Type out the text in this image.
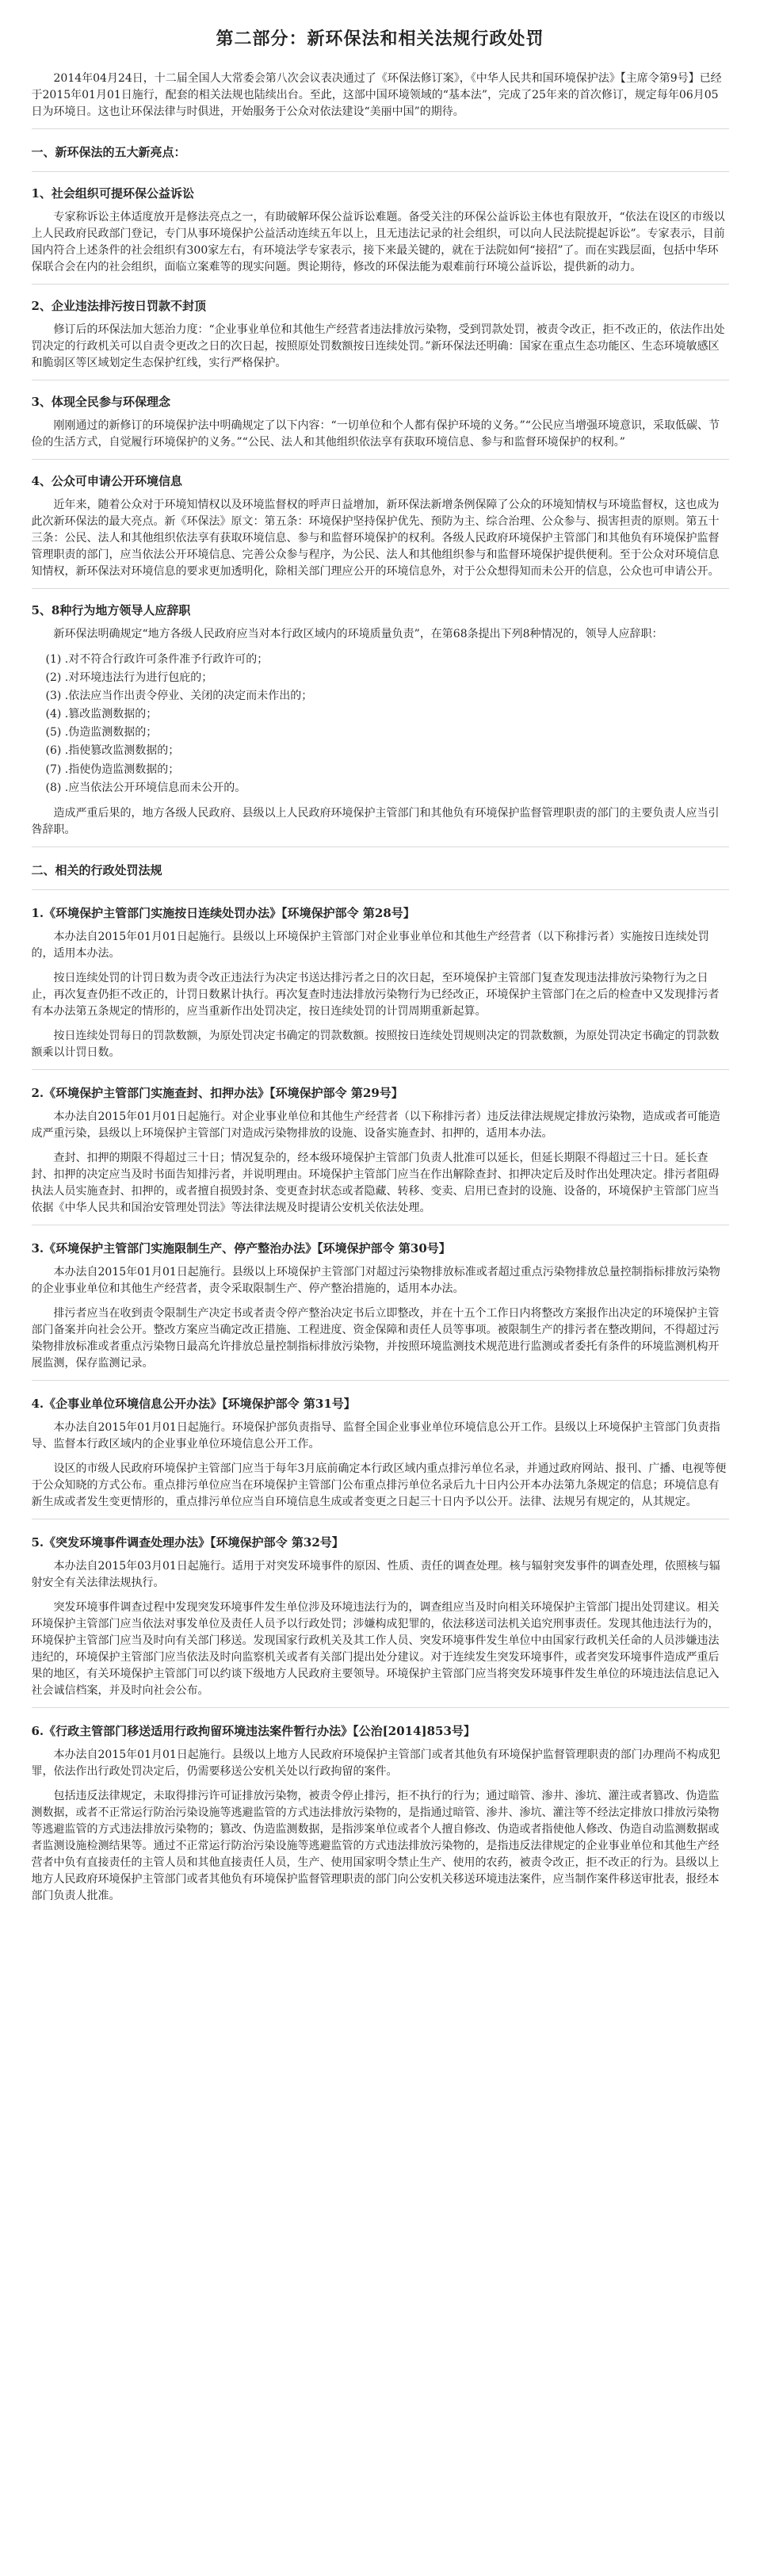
第二部分：新环保法和相关法规行政处罚

2014年04月24日，十二届全国人大常委会第八次会议表决通过了《环保法修订案》，《中华人民共和国环境保护法》【主席令第9号】已经于2015年01月01日施行，配套的相关法规也陆续出台。至此，这部中国环境领域的“基本法”，完成了25年来的首次修订，规定每年06月05日为环境日。这也让环保法律与时俱进，开始服务于公众对依法建设“美丽中国”的期待。

一、新环保法的五大新亮点：
1、社会组织可提环保公益诉讼

专家称诉讼主体适度放开是修法亮点之一，有助破解环保公益诉讼难题。备受关注的环保公益诉讼主体也有限放开，“依法在设区的市级以上人民政府民政部门登记，专门从事环境保护公益活动连续五年以上，且无违法记录的社会组织，可以向人民法院提起诉讼”。专家表示，目前国内符合上述条件的社会组织有300家左右，有环境法学专家表示，接下来最关键的，就在于法院如何“接招”了。而在实践层面，包括中华环保联合会在内的社会组织，面临立案难等的现实问题。舆论期待，修改的环保法能为艰难前行环境公益诉讼，提供新的动力。

2、企业违法排污按日罚款不封顶

修订后的环保法加大惩治力度：“企业事业单位和其他生产经营者违法排放污染物，受到罚款处罚，被责令改正，拒不改正的，依法作出处罚决定的行政机关可以自责令更改之日的次日起，按照原处罚数额按日连续处罚。”新环保法还明确：国家在重点生态功能区、生态环境敏感区和脆弱区等区域划定生态保护红线，实行严格保护。

3、体现全民参与环保理念

刚刚通过的新修订的环境保护法中明确规定了以下内容：“一切单位和个人都有保护环境的义务。”“公民应当增强环境意识，采取低碳、节俭的生活方式，自觉履行环境保护的义务。”“公民、法人和其他组织依法享有获取环境信息、参与和监督环境保护的权利。”

4、公众可申请公开环境信息

近年来，随着公众对于环境知情权以及环境监督权的呼声日益增加，新环保法新增条例保障了公众的环境知情权与环境监督权，这也成为此次新环保法的最大亮点。新《环保法》原文：第五条：环境保护坚持保护优先、预防为主、综合治理、公众参与、损害担责的原则。第五十三条：公民、法人和其他组织依法享有获取环境信息、参与和监督环境保护的权利。各级人民政府环境保护主管部门和其他负有环境保护监督管理职责的部门，应当依法公开环境信息、完善公众参与程序，为公民、法人和其他组织参与和监督环境保护提供便利。至于公众对环境信息知情权，新环保法对环境信息的要求更加透明化，除相关部门理应公开的环境信息外，对于公众想得知而未公开的信息，公众也可申请公开。

5、8种行为地方领导人应辞职

新环保法明确规定“地方各级人民政府应当对本行政区域内的环境质量负责”，在第68条提出下列8种情况的，领导人应辞职：

(1) .对不符合行政许可条件准予行政许可的；
(2) .对环境违法行为进行包庇的；
(3) .依法应当作出责令停业、关闭的决定而未作出的；
(4) .篡改监测数据的；
(5) .伪造监测数据的；
(6) .指使篡改监测数据的；
(7) .指使伪造监测数据的；
(8) .应当依法公开环境信息而未公开的。

造成严重后果的，地方各级人民政府、县级以上人民政府环境保护主管部门和其他负有环境保护监督管理职责的部门的主要负责人应当引咎辞职。

二、相关的行政处罚法规
1.《环境保护主管部门实施按日连续处罚办法》【环境保护部令 第28号】

本办法自2015年01月01日起施行。县级以上环境保护主管部门对企业事业单位和其他生产经营者（以下称排污者）实施按日连续处罚的，适用本办法。

按日连续处罚的计罚日数为责令改正违法行为决定书送达排污者之日的次日起，至环境保护主管部门复查发现违法排放污染物行为之日止，再次复查仍拒不改正的，计罚日数累计执行。再次复查时违法排放污染物行为已经改正，环境保护主管部门在之后的检查中又发现排污者有本办法第五条规定的情形的，应当重新作出处罚决定，按日连续处罚的计罚周期重新起算。

按日连续处罚每日的罚款数额，为原处罚决定书确定的罚款数额。按照按日连续处罚规则决定的罚款数额，为原处罚决定书确定的罚款数额乘以计罚日数。

2.《环境保护主管部门实施查封、扣押办法》【环境保护部令 第29号】

本办法自2015年01月01日起施行。对企业事业单位和其他生产经营者（以下称排污者）违反法律法规规定排放污染物，造成或者可能造成严重污染，县级以上环境保护主管部门对造成污染物排放的设施、设备实施查封、扣押的，适用本办法。

查封、扣押的期限不得超过三十日；情况复杂的，经本级环境保护主管部门负责人批准可以延长，但延长期限不得超过三十日。延长查封、扣押的决定应当及时书面告知排污者，并说明理由。环境保护主管部门应当在作出解除查封、扣押决定后及时作出处理决定。排污者阻碍执法人员实施查封、扣押的，或者擅自损毁封条、变更查封状态或者隐藏、转移、变卖、启用已查封的设施、设备的，环境保护主管部门应当依据《中华人民共和国治安管理处罚法》等法律法规及时提请公安机关依法处理。

3.《环境保护主管部门实施限制生产、停产整治办法》【环境保护部令 第30号】

本办法自2015年01月01日起施行。县级以上环境保护主管部门对超过污染物排放标准或者超过重点污染物排放总量控制指标排放污染物的企业事业单位和其他生产经营者，责令采取限制生产、停产整治措施的，适用本办法。

排污者应当在收到责令限制生产决定书或者责令停产整治决定书后立即整改，并在十五个工作日内将整改方案报作出决定的环境保护主管部门备案并向社会公开。整改方案应当确定改正措施、工程进度、资金保障和责任人员等事项。被限制生产的排污者在整改期间，不得超过污染物排放标准或者重点污染物日最高允许排放总量控制指标排放污染物，并按照环境监测技术规范进行监测或者委托有条件的环境监测机构开展监测，保存监测记录。

4.《企事业单位环境信息公开办法》【环境保护部令 第31号】

本办法自2015年01月01日起施行。环境保护部负责指导、监督全国企业事业单位环境信息公开工作。县级以上环境保护主管部门负责指导、监督本行政区域内的企业事业单位环境信息公开工作。

设区的市级人民政府环境保护主管部门应当于每年3月底前确定本行政区域内重点排污单位名录，并通过政府网站、报刊、广播、电视等便于公众知晓的方式公布。重点排污单位应当在环境保护主管部门公布重点排污单位名录后九十日内公开本办法第九条规定的信息；环境信息有新生成或者发生变更情形的，重点排污单位应当自环境信息生成或者变更之日起三十日内予以公开。法律、法规另有规定的，从其规定。

5.《突发环境事件调查处理办法》【环境保护部令 第32号】

本办法自2015年03月01日起施行。适用于对突发环境事件的原因、性质、责任的调查处理。核与辐射突发事件的调查处理，依照核与辐射安全有关法律法规执行。

突发环境事件调查过程中发现突发环境事件发生单位涉及环境违法行为的，调查组应当及时向相关环境保护主管部门提出处罚建议。相关环境保护主管部门应当依法对事发单位及责任人员予以行政处罚；涉嫌构成犯罪的，依法移送司法机关追究刑事责任。发现其他违法行为的，环境保护主管部门应当及时向有关部门移送。发现国家行政机关及其工作人员、突发环境事件发生单位中由国家行政机关任命的人员涉嫌违法违纪的，环境保护主管部门应当依法及时向监察机关或者有关部门提出处分建议。对于连续发生突发环境事件，或者突发环境事件造成严重后果的地区，有关环境保护主管部门可以约谈下级地方人民政府主要领导。环境保护主管部门应当将突发环境事件发生单位的环境违法信息记入社会诚信档案，并及时向社会公布。

6.《行政主管部门移送适用行政拘留环境违法案件暂行办法》【公治[2014]853号】

本办法自2015年01月01日起施行。县级以上地方人民政府环境保护主管部门或者其他负有环境保护监督管理职责的部门办理尚不构成犯罪，依法作出行政处罚决定后，仍需要移送公安机关处以行政拘留的案件。

包括违反法律规定，未取得排污许可证排放污染物，被责令停止排污，拒不执行的行为；通过暗管、渗井、渗坑、灌注或者篡改、伪造监测数据，或者不正常运行防治污染设施等逃避监管的方式违法排放污染物的，是指通过暗管、渗井、渗坑、灌注等不经法定排放口排放污染物等逃避监管的方式违法排放污染物的；篡改、伪造监测数据，是指涉案单位或者个人擅自修改、伪造或者指使他人修改、伪造自动监测数据或者监测设施检测结果等。通过不正常运行防治污染设施等逃避监管的方式违法排放污染物的，是指违反法律规定的企业事业单位和其他生产经营者中负有直接责任的主管人员和其他直接责任人员，生产、使用国家明令禁止生产、使用的农药，被责令改正，拒不改正的行为。县级以上地方人民政府环境保护主管部门或者其他负有环境保护监督管理职责的部门向公安机关移送环境违法案件，应当制作案件移送审批表，报经本部门负责人批准。
